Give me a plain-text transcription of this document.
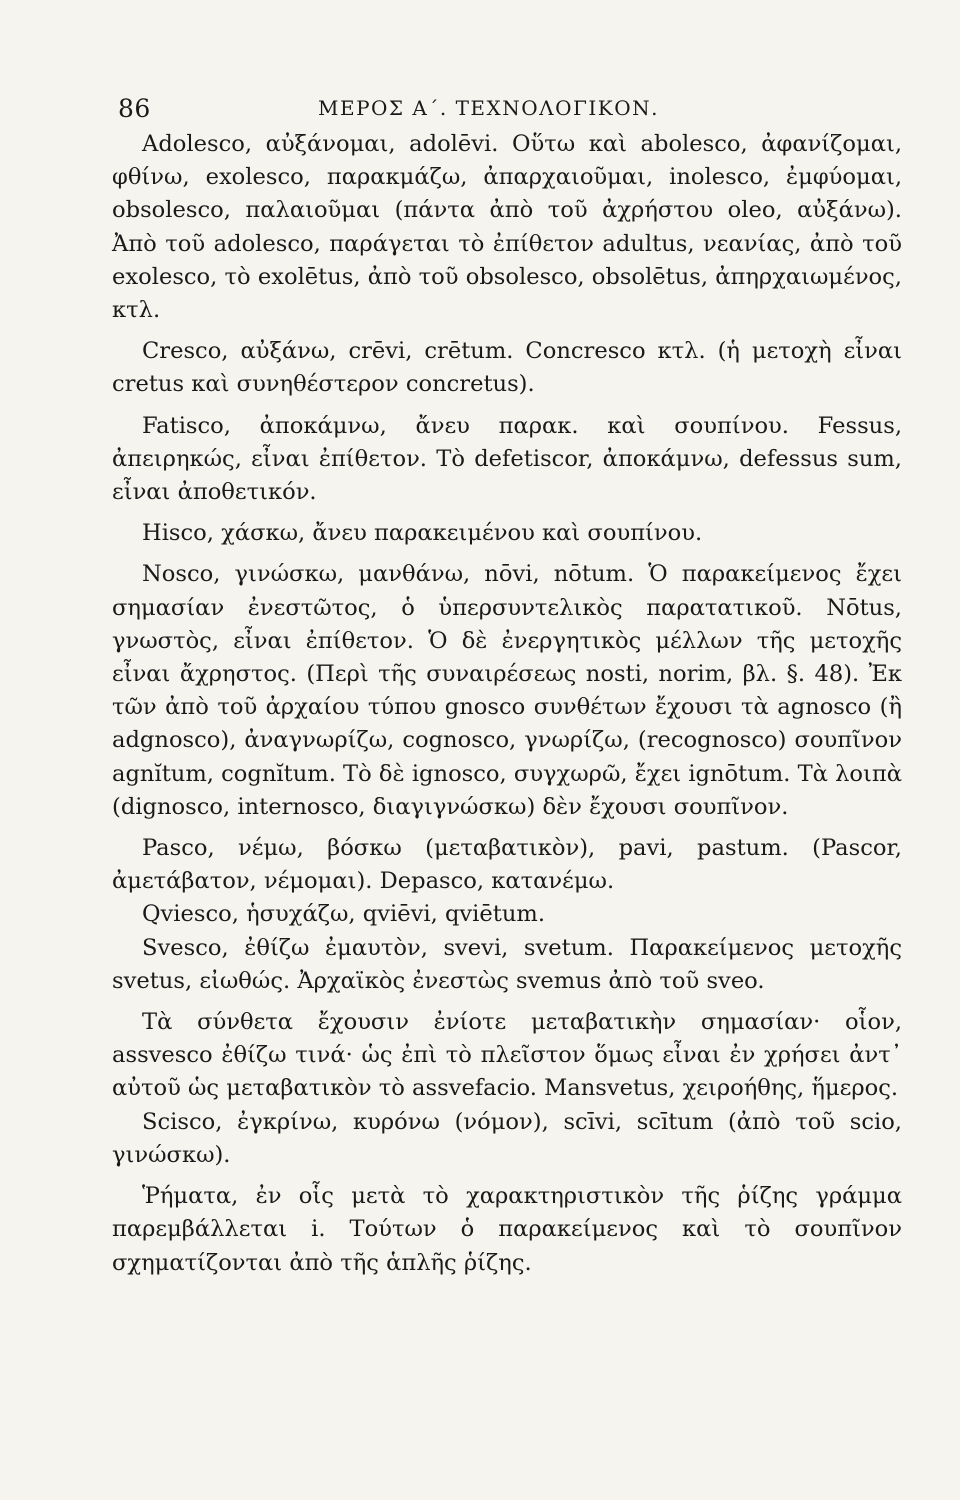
86	ΜΕΡΟΣ Α΄. ΤΕΧΝΟΛΟΓΙΚΟΝ.

Adolesco, αὐξάνομαι, adolēvi. Οὕτω καὶ abolesco, ἀφανίζομαι, φθίνω, exolesco, παρακμάζω, ἀπαρχαιοῦμαι, inolesco, ἐμφύομαι, obsolesco, παλαιοῦμαι (πάντα ἀπὸ τοῦ ἀχρήστου oleo, αὐξάνω). Ἀπὸ τοῦ adolesco, παράγεται τὸ ἐπίθετον adultus, νεανίας, ἀπὸ τοῦ exolesco, τὸ exolētus, ἀπὸ τοῦ obsolesco, obsolētus, ἀπηρχαιωμένος, κτλ.

Cresco, αὐξάνω, crēvi, crētum. Concresco κτλ. (ἡ μετοχὴ εἶναι cretus καὶ συνηθέστερον concretus).

Fatisco, ἀποκάμνω, ἄνευ παρακ. καὶ σουπίνου. Fessus, ἀπειρηκώς, εἶναι ἐπίθετον. Τὸ defetiscor, ἀποκάμνω, defessus sum, εἶναι ἀποθετικόν.

Hisco, χάσκω, ἄνευ παρακειμένου καὶ σουπίνου.

Nosco, γινώσκω, μανθάνω, nōvi, nōtum. Ὁ παρακείμενος ἔχει σημασίαν ἐνεστῶτος, ὁ ὑπερσυντελικὸς παρατατικοῦ. Nōtus, γνωστὸς, εἶναι ἐπίθετον. Ὁ δὲ ἐνεργητικὸς μέλλων τῆς μετοχῆς εἶναι ἄχρηστος. (Περὶ τῆς συναιρέσεως nosti, norim, βλ. §. 48). Ἐκ τῶν ἀπὸ τοῦ ἀρχαίου τύπου gnosco συνθέτων ἔχουσι τὰ agnosco (ἢ adgnosco), ἀναγνωρίζω, cognosco, γνωρίζω, (recognosco) σουπῖνον agnĭtum, cognĭtum. Τὸ δὲ ignosco, συγχωρῶ, ἔχει ignōtum. Τὰ λοιπὰ (dignosco, internosco, διαγιγνώσκω) δὲν ἔχουσι σουπῖνον.

Pasco, νέμω, βόσκω (μεταβατικὸν), pavi, pastum. (Pascor, ἀμετάβατον, νέμομαι). Depasco, κατανέμω.

Qviesco, ἡσυχάζω, qviēvi, qviētum.

Svesco, ἐθίζω ἐμαυτὸν, svevi, svetum. Παρακείμενος μετοχῆς svetus, εἰωθώς. Ἀρχαϊκὸς ἐνεστὼς svemus ἀπὸ τοῦ sveo.

Τὰ σύνθετα ἔχουσιν ἐνίοτε μεταβατικὴν σημασίαν· οἷον, assvesco ἐθίζω τινά· ὡς ἐπὶ τὸ πλεῖστον ὅμως εἶναι ἐν χρήσει ἀντ᾽ αὐτοῦ ὡς μεταβατικὸν τὸ assvefacio. Mansvetus, χειροήθης, ἥμερος.

Scisco, ἐγκρίνω, κυρόνω (νόμον), scīvi, scītum (ἀπὸ τοῦ scio, γινώσκω).

Ῥήματα, ἐν οἷς μετὰ τὸ χαρακτηριστικὸν τῆς ῥίζης γράμμα παρεμβάλλεται i. Τούτων ὁ παρακείμενος καὶ τὸ σουπῖνον σχηματίζονται ἀπὸ τῆς ἁπλῆς ῥίζης.
